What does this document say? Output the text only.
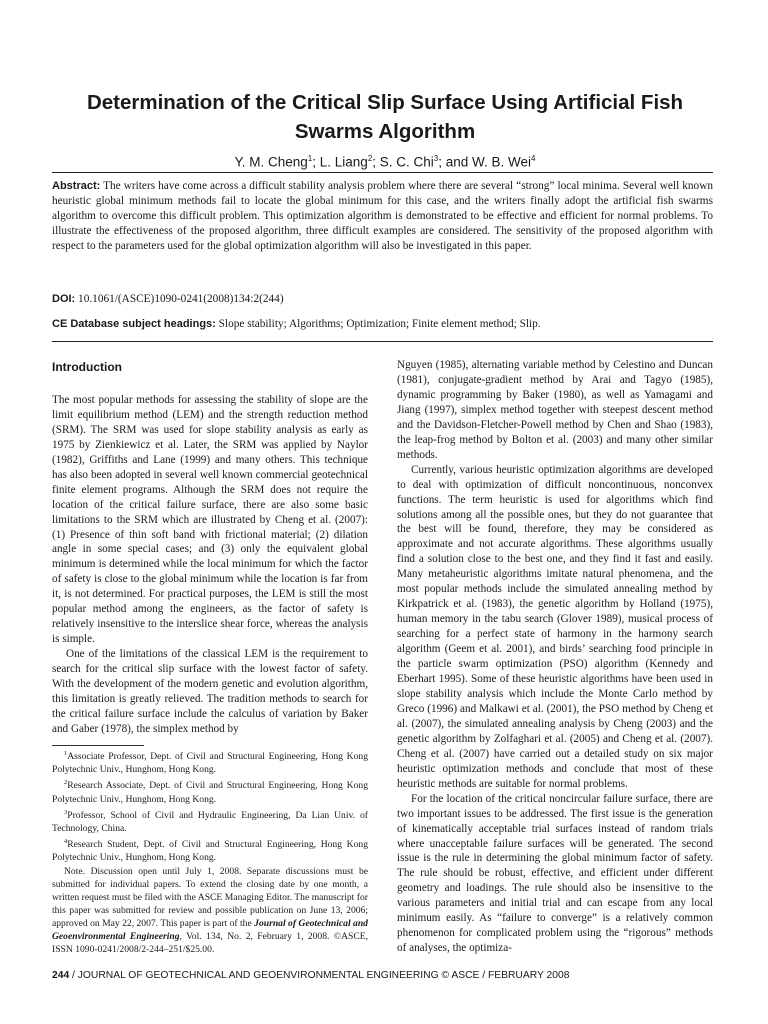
Determination of the Critical Slip Surface Using Artificial Fish Swarms Algorithm
Y. M. Cheng$^1$; L. Liang$^2$; S. C. Chi$^3$; and W. B. Wei$^4$
Abstract: The writers have come across a difficult stability analysis problem where there are several “strong” local minima. Several well known heuristic global minimum methods fail to locate the global minimum for this case, and the writers finally adopt the artificial fish swarms algorithm to overcome this difficult problem. This optimization algorithm is demonstrated to be effective and efficient for normal problems. To illustrate the effectiveness of the proposed algorithm, three difficult examples are considered. The sensitivity of the proposed algorithm with respect to the parameters used for the global optimization algorithm will also be investigated in this paper.
DOI: 10.1061/(ASCE)1090-0241(2008)134:2(244)
CE Database subject headings: Slope stability; Algorithms; Optimization; Finite element method; Slip.
Introduction

The most popular methods for assessing the stability of slope are the limit equilibrium method (LEM) and the strength reduction method (SRM). The SRM was used for slope stability analysis as early as 1975 by Zienkiewicz et al. Later, the SRM was applied by Naylor (1982), Griffiths and Lane (1999) and many others. This technique has also been adopted in several well known commercial geotechnical finite element programs. Although the SRM does not require the location of the critical failure surface, there are also some basic limitations to the SRM which are illustrated by Cheng et al. (2007): (1) Presence of thin soft band with frictional material; (2) dilation angle in some special cases; and (3) only the equivalent global minimum is determined while the local minimum for which the factor of safety is close to the global minimum while the location is far from it, is not determined. For practical purposes, the LEM is still the most popular method among the engineers, as the factor of safety is relatively insensitive to the interslice shear force, whereas the analysis is simple.

One of the limitations of the classical LEM is the requirement to search for the critical slip surface with the lowest factor of safety. With the development of the modern genetic and evolution algorithm, this limitation is greatly relieved. The tradition methods to search for the critical failure surface include the calculus of variation by Baker and Gaber (1978), the simplex method by

$^1$Associate Professor, Dept. of Civil and Structural Engineering, Hong Kong Polytechnic Univ., Hunghom, Hong Kong.

$^2$Research Associate, Dept. of Civil and Structural Engineering, Hong Kong Polytechnic Univ., Hunghom, Hong Kong.

$^3$Professor, School of Civil and Hydraulic Engineering, Da Lian Univ. of Technology, China.

$^4$Research Student, Dept. of Civil and Structural Engineering, Hong Kong Polytechnic Univ., Hunghom, Hong Kong.

Note. Discussion open until July 1, 2008. Separate discussions must be submitted for individual papers. To extend the closing date by one month, a written request must be filed with the ASCE Managing Editor. The manuscript for this paper was submitted for review and possible publication on June 13, 2006; approved on May 22, 2007. This paper is part of the Journal of Geotechnical and Geoenvironmental Engineering, Vol. 134, No. 2, February 1, 2008. ©ASCE, ISSN 1090-0241/2008/2-244–251/$25.00.

Nguyen (1985), alternating variable method by Celestino and Duncan (1981), conjugate-gradient method by Arai and Tagyo (1985), dynamic programming by Baker (1980), as well as Yamagami and Jiang (1997), simplex method together with steepest descent method and the Davidson-Fletcher-Powell method by Chen and Shao (1983), the leap-frog method by Bolton et al. (2003) and many other similar methods.

Currently, various heuristic optimization algorithms are developed to deal with optimization of difficult noncontinuous, nonconvex functions. The term heuristic is used for algorithms which find solutions among all the possible ones, but they do not guarantee that the best will be found, therefore, they may be considered as approximate and not accurate algorithms. These algorithms usually find a solution close to the best one, and they find it fast and easily. Many metaheuristic algorithms imitate natural phenomena, and the most popular methods include the simulated annealing method by Kirkpatrick et al. (1983), the genetic algorithm by Holland (1975), human memory in the tabu search (Glover 1989), musical process of searching for a perfect state of harmony in the harmony search algorithm (Geem et al. 2001), and birds’ searching food principle in the particle swarm optimization (PSO) algorithm (Kennedy and Eberhart 1995). Some of these heuristic algorithms have been used in slope stability analysis which include the Monte Carlo method by Greco (1996) and Malkawi et al. (2001), the PSO method by Cheng et al. (2007), the simulated annealing analysis by Cheng (2003) and the genetic algorithm by Zolfaghari et al. (2005) and Cheng et al. (2007). Cheng et al. (2007) have carried out a detailed study on six major heuristic optimization methods and conclude that most of these heuristic methods are suitable for normal problems.

For the location of the critical noncircular failure surface, there are two important issues to be addressed. The first issue is the generation of kinematically acceptable trial surfaces instead of random trials where unacceptable failure surfaces will be generated. The second issue is the rule in determining the global minimum factor of safety. The rule should be robust, effective, and efficient under different geometry and loadings. The rule should also be insensitive to the various parameters and initial trial and can escape from any local minimum easily. As “failure to converge” is a relatively common phenomenon for complicated problem using the “rigorous” methods of analyses, the optimiza-

244 / JOURNAL OF GEOTECHNICAL AND GEOENVIRONMENTAL ENGINEERING © ASCE / FEBRUARY 2008
